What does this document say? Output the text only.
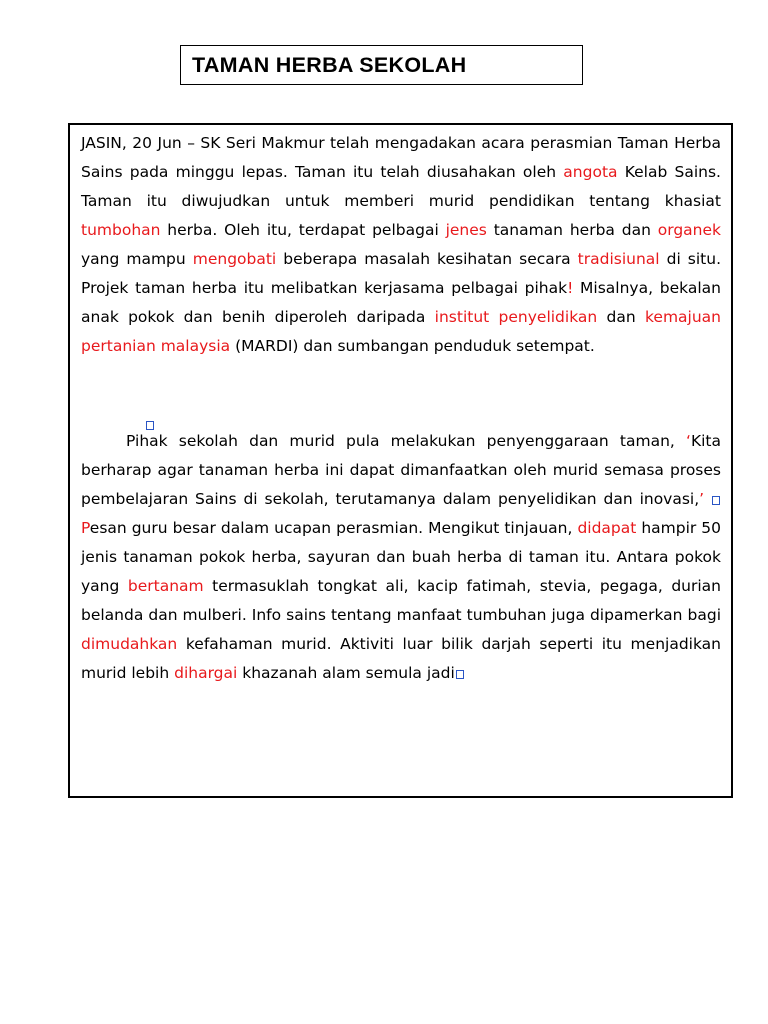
TAMAN HERBA SEKOLAH

JASIN, 20 Jun – SK Seri Makmur telah mengadakan acara perasmian Taman Herba Sains pada minggu lepas. Taman itu telah diusahakan oleh angota Kelab Sains. Taman itu diwujudkan untuk memberi murid pendidikan tentang khasiat tumbohan herba. Oleh itu, terdapat pelbagai jenes tanaman herba dan organek yang mampu mengobati beberapa masalah kesihatan secara tradisiunal di situ. Projek taman herba itu melibatkan kerjasama pelbagai pihak! Misalnya, bekalan anak pokok dan benih diperoleh daripada institut penyelidikan dan kemajuan pertanian malaysia (MARDI) dan sumbangan penduduk setempat.

Pihak sekolah dan murid pula melakukan penyenggaraan taman, ‘Kita berharap agar tanaman herba ini dapat dimanfaatkan oleh murid semasa proses pembelajaran Sains di sekolah, terutamanya dalam penyelidikan dan inovasi,’  Pesan guru besar dalam ucapan perasmian. Mengikut tinjauan, didapat hampir 50 jenis tanaman pokok herba, sayuran dan buah herba di taman itu. Antara pokok yang bertanam termasuklah tongkat ali, kacip fatimah, stevia, pegaga, durian belanda dan mulberi. Info sains tentang manfaat tumbuhan juga dipamerkan bagi dimudahkan kefahaman murid. Aktiviti luar bilik darjah seperti itu menjadikan murid lebih dihargai khazanah alam semula jadi
